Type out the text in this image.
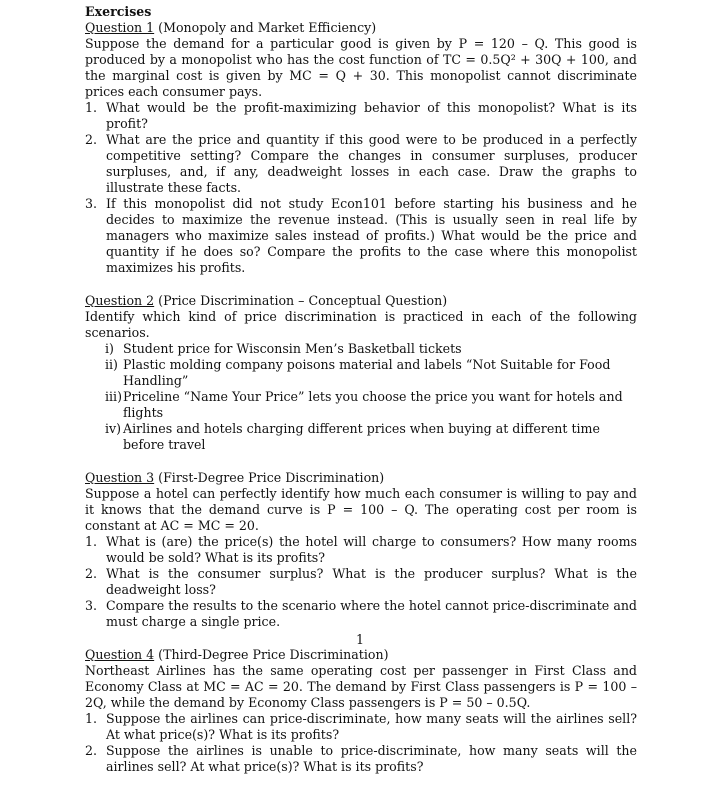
Exercises
Question 1 (Monopoly and Market Efficiency)
Suppose the demand for a particular good is given by P = 120 – Q. This good is produced by a monopolist who has the cost function of TC = 0.5Q² + 30Q + 100, and the marginal cost is given by MC = Q + 30. This monopolist cannot discriminate prices each consumer pays.
1. What would be the profit-maximizing behavior of this monopolist? What is its profit?
2. What are the price and quantity if this good were to be produced in a perfectly competitive setting? Compare the changes in consumer surpluses, producer surpluses, and, if any, deadweight losses in each case. Draw the graphs to illustrate these facts.
3. If this monopolist did not study Econ101 before starting his business and he decides to maximize the revenue instead. (This is usually seen in real life by managers who maximize sales instead of profits.) What would be the price and quantity if he does so? Compare the profits to the case where this monopolist maximizes his profits.
Question 2 (Price Discrimination – Conceptual Question)
Identify which kind of price discrimination is practiced in each of the following scenarios.
i) Student price for Wisconsin Men’s Basketball tickets
ii) Plastic molding company poisons material and labels “Not Suitable for Food Handling”
iii) Priceline “Name Your Price” lets you choose the price you want for hotels and flights
iv) Airlines and hotels charging different prices when buying at different time before travel
Question 3 (First-Degree Price Discrimination)
Suppose a hotel can perfectly identify how much each consumer is willing to pay and it knows that the demand curve is P = 100 – Q. The operating cost per room is constant at AC = MC = 20.
1. What is (are) the price(s) the hotel will charge to consumers? How many rooms would be sold? What is its profits?
2. What is the consumer surplus? What is the producer surplus? What is the deadweight loss?
3. Compare the results to the scenario where the hotel cannot price-discriminate and must charge a single price.
Question 4 (Third-Degree Price Discrimination)
Northeast Airlines has the same operating cost per passenger in First Class and Economy Class at MC = AC = 20. The demand by First Class passengers is P = 100 – 2Q, while the demand by Economy Class passengers is P = 50 – 0.5Q.
1. Suppose the airlines can price-discriminate, how many seats will the airlines sell? At what price(s)? What is its profits?
2. Suppose the airlines is unable to price-discriminate, how many seats will the airlines sell? At what price(s)? What is its profits?
1
